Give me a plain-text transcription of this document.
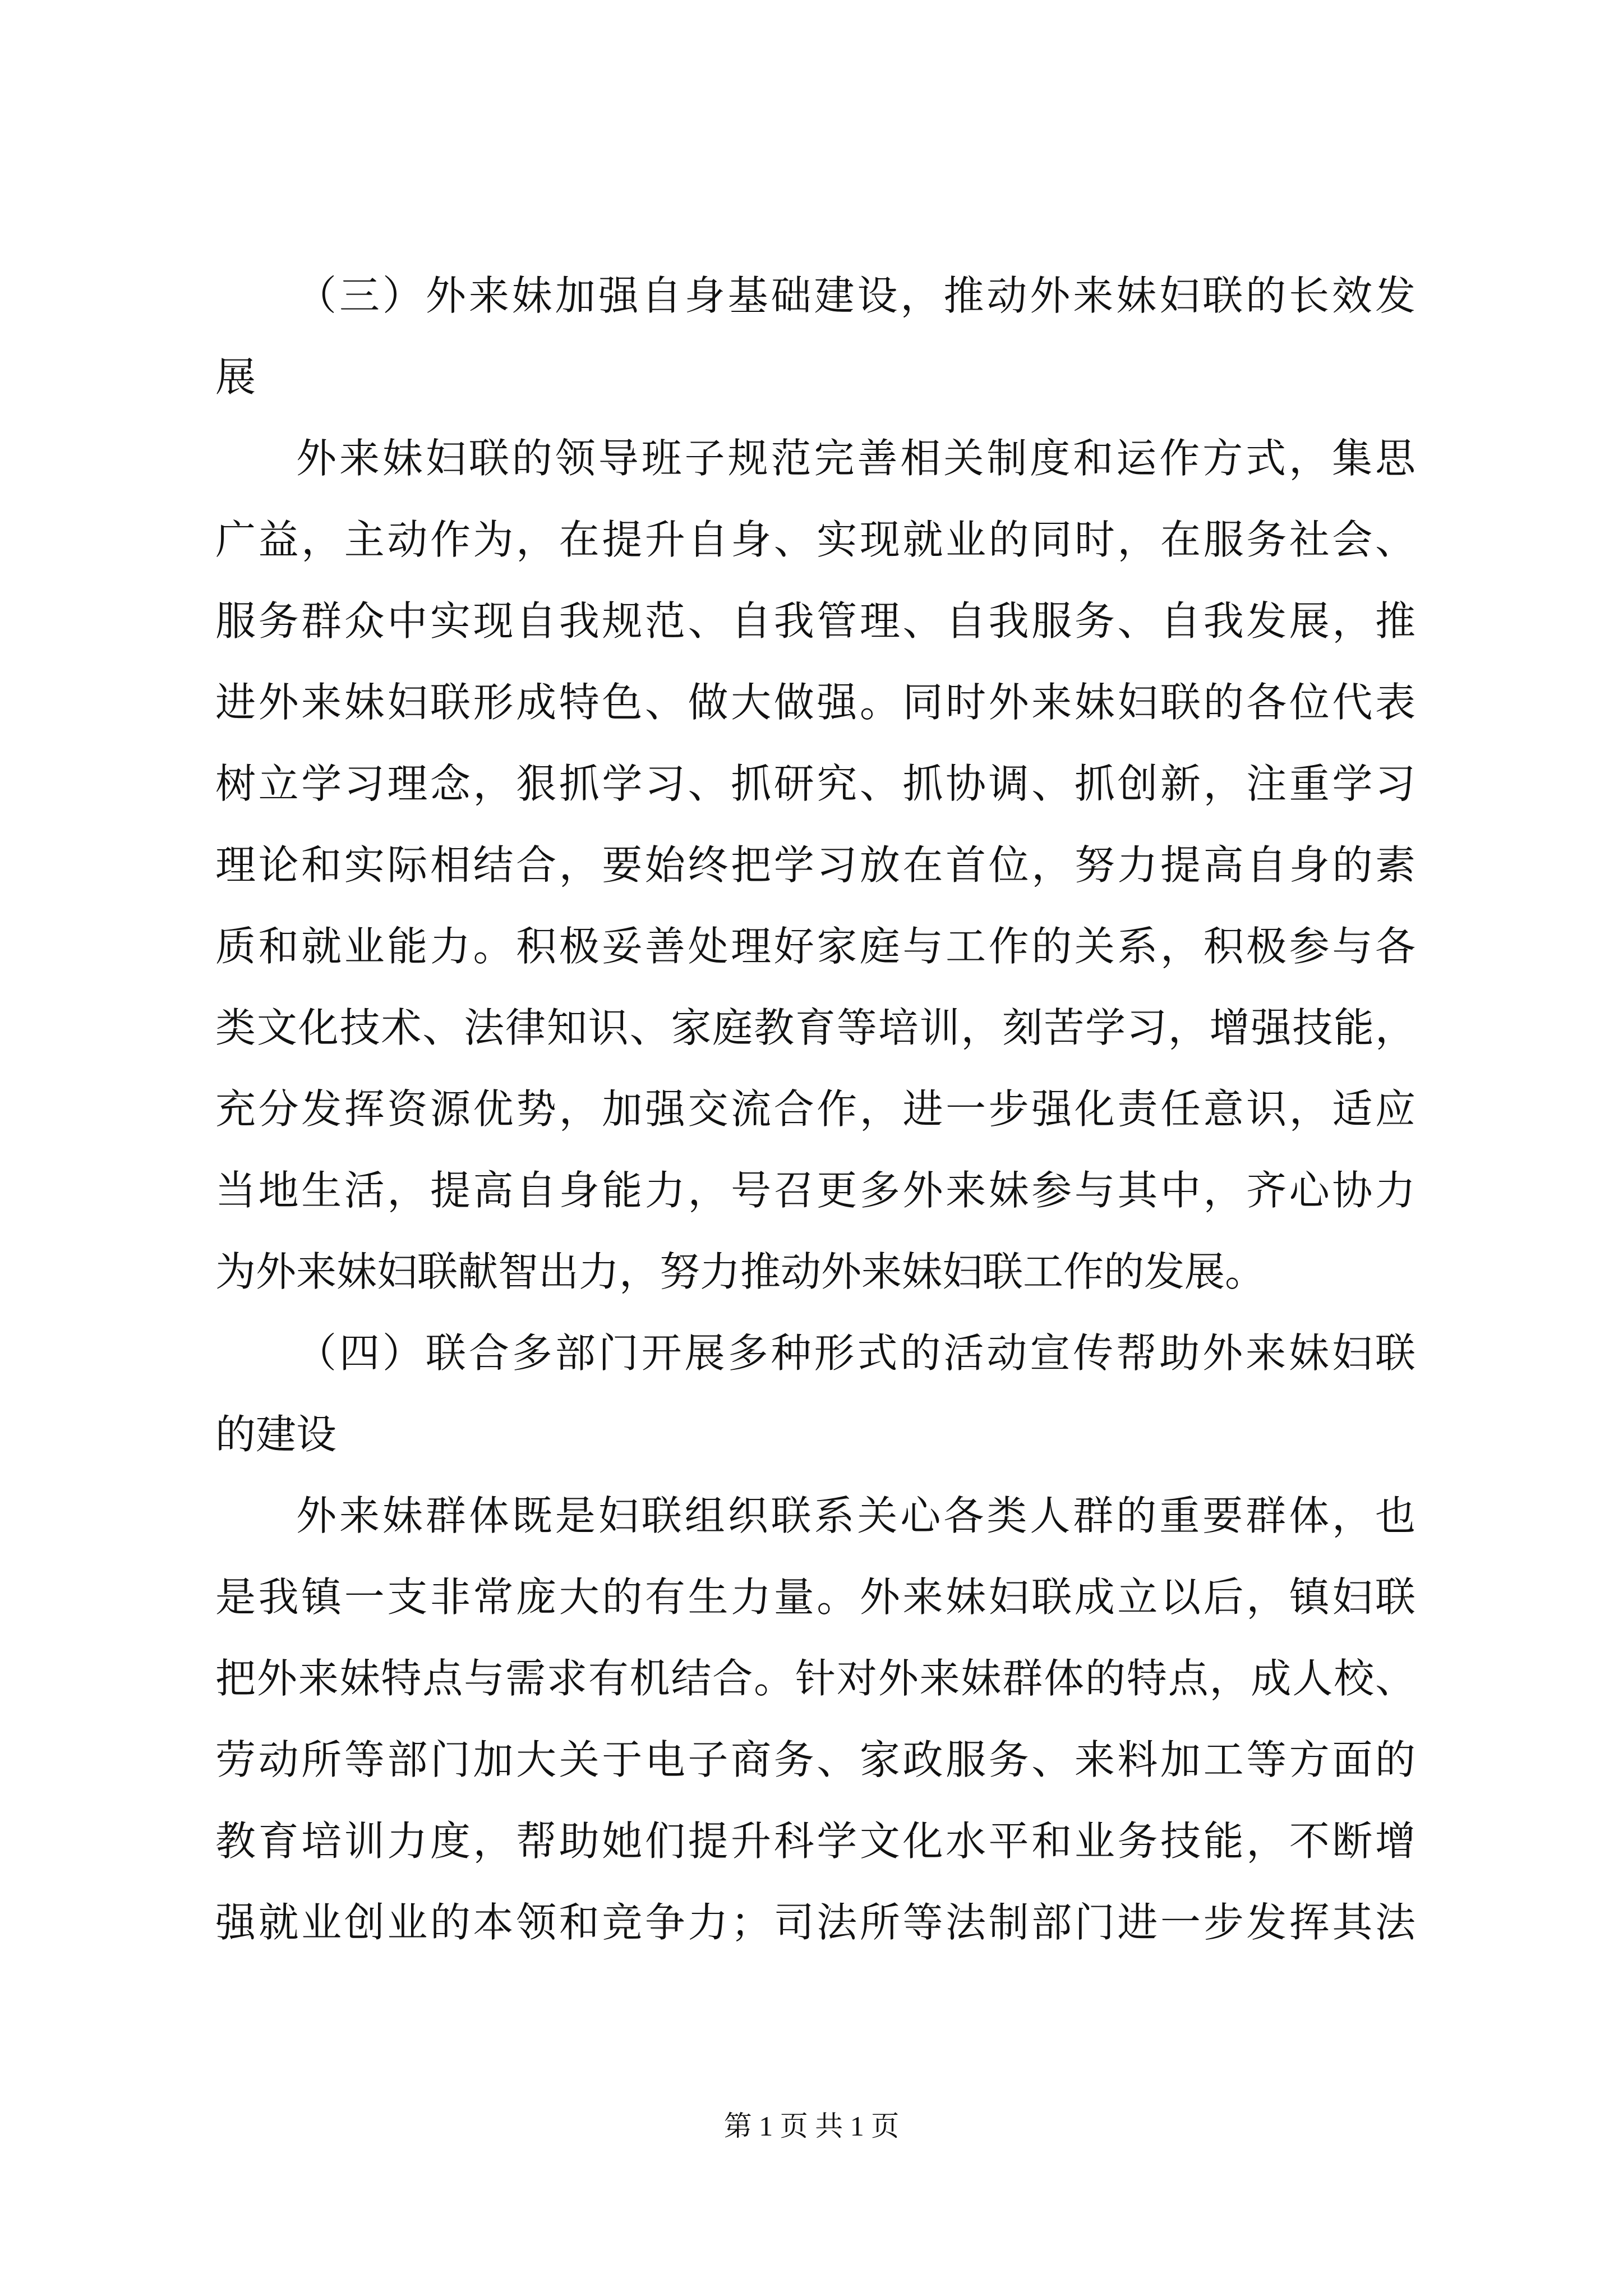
（三）外来妹加强自身基础建设，推动外来妹妇联的长效发
展
外来妹妇联的领导班子规范完善相关制度和运作方式，集思
广益，主动作为，在提升自身、实现就业的同时，在服务社会、
服务群众中实现自我规范、自我管理、自我服务、自我发展，推
进外来妹妇联形成特色、做大做强。同时外来妹妇联的各位代表
树立学习理念，狠抓学习、抓研究、抓协调、抓创新，注重学习
理论和实际相结合，要始终把学习放在首位，努力提高自身的素
质和就业能力。积极妥善处理好家庭与工作的关系，积极参与各
类文化技术、法律知识、家庭教育等培训，刻苦学习，增强技能，
充分发挥资源优势，加强交流合作，进一步强化责任意识，适应
当地生活，提高自身能力，号召更多外来妹参与其中，齐心协力
为外来妹妇联献智出力，努力推动外来妹妇联工作的发展。
（四）联合多部门开展多种形式的活动宣传帮助外来妹妇联
的建设
外来妹群体既是妇联组织联系关心各类人群的重要群体，也
是我镇一支非常庞大的有生力量。外来妹妇联成立以后，镇妇联
把外来妹特点与需求有机结合。针对外来妹群体的特点，成人校、
劳动所等部门加大关于电子商务、家政服务、来料加工等方面的
教育培训力度，帮助她们提升科学文化水平和业务技能，不断增
强就业创业的本领和竞争力；司法所等法制部门进一步发挥其法
第 1 页 共 1 页
